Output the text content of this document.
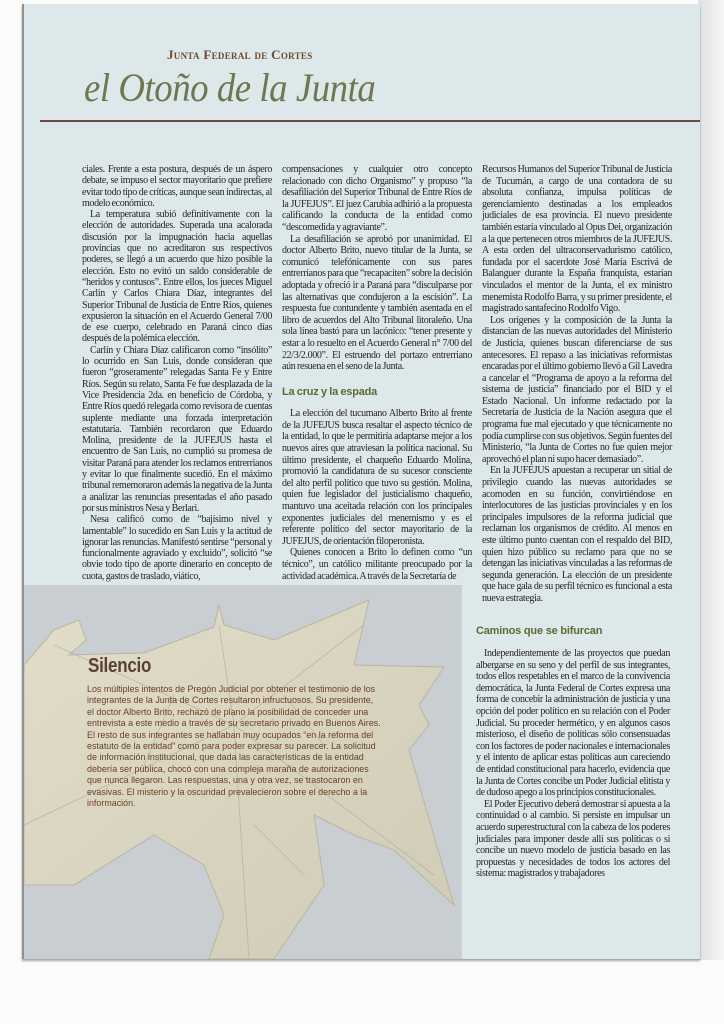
Junta Federal de Cortes
el Otoño de la Junta

ciales. Frente a esta postura, después de un áspero debate, se impuso el sector mayoritario que prefiere evitar todo tipo de críticas, aunque sean indirectas, al modelo económico.

La temperatura subió definitivamente con la elección de autoridades. Superada una acalorada discusión por la impugnación hacia aquellas provincias que no acreditaron sus respectivos poderes, se llegó a un acuerdo que hizo posible la elección. Esto no evitó un saldo considerable de “heridos y contusos”. Entre ellos, los jueces Miguel Carlín y Carlos Chiara Díaz, integrantes del Superior Tribunal de Justicia de Entre Ríos, quienes expusieron la situación en el Acuerdo General 7/00 de ese cuerpo, celebrado en Paraná cinco días después de la polémica elección.

Carlín y Chiara Díaz calificaron como “insólito” lo ocurrido en San Luis, donde consideran que fueron “groseramente” relegadas Santa Fe y Entre Ríos. Según su relato, Santa Fe fue desplazada de la Vice Presidencia 2da. en beneficio de Córdoba, y Entre Ríos quedó relegada como revisora de cuentas suplente mediante una forzada interpretación estatutaria. También recordaron que Eduardo Molina, presidente de la JUFEJUS hasta el encuentro de San Luis, no cumplió su promesa de visitar Paraná para atender los reclamos entrerrianos y evitar lo que finalmente sucedió. En el máximo tribunal rememoraron además la negativa de la Junta a analizar las renuncias presentadas el año pasado por sus ministros Nesa y Berlari.

Nesa calificó como de “bajísimo nivel y lamentable” lo sucedido en San Luis y la actitud de ignorar las renuncias. Manifestó sentirse “personal y funcionalmente agraviado y excluido”, solicitó “se obvie todo tipo de aporte dinerario en concepto de cuota, gastos de traslado, viático,

compensaciones y cualquier otro concepto relacionado con dicho Organismo” y propuso “la desafiliación del Superior Tribunal de Entre Ríos de la JUFEJUS”. El juez Carubia adhirió a la propuesta calificando la conducta de la entidad como “descomedida y agraviante”.

La desafiliación se aprobó por unanimidad. El doctor Alberto Brito, nuevo titular de la Junta, se comunicó telefónicamente con sus pares entrerrianos para que “recapaciten” sobre la decisión adoptada y ofreció ir a Paraná para “disculparse por las alternativas que condujeron a la escisión”. La respuesta fue contundente y también asentada en el libro de acuerdos del Alto Tribunal litoraleño. Una sola línea bastó para un lacónico: “tener presente y estar a lo resuelto en el Acuerdo General n° 7/00 del 22/3/2.000”. El estruendo del portazo entrerriano aún resuena en el seno de la Junta.

La cruz y la espada

La elección del tucumano Alberto Brito al frente de la JUFEJUS busca resaltar el aspecto técnico de la entidad, lo que le permitiría adaptarse mejor a los nuevos aires que atraviesan la política nacional. Su último presidente, el chaqueño Eduardo Molina, promovió la candidatura de su sucesor consciente del alto perfil político que tuvo su gestión. Molina, quien fue legislador del justicialismo chaqueño, mantuvo una aceitada relación con los principales exponentes judiciales del menemismo y es el referente político del sector mayoritario de la JUFEJUS, de orientación filoperonista.

Quienes conocen a Brito lo definen como “un técnico”, un católico militante preocupado por la actividad académica. A través de la Secretaría de

Recursos Humanos del Superior Tribunal de Justicia de Tucumán, a cargo de una contadora de su absoluta confianza, impulsa políticas de gerenciamiento destinadas a los empleados judiciales de esa provincia. El nuevo presidente también estaría vinculado al Opus Dei, organización a la que pertenecen otros miembros de la JUFEJUS. A esta orden del ultraconservadurismo católico, fundada por el sacerdote José María Escrivá de Balanguer durante la España franquista, estarían vinculados el mentor de la Junta, el ex ministro menemista Rodolfo Barra, y su primer presidente, el magistrado santafecino Rodolfo Vigo.

Los orígenes y la composición de la Junta la distancian de las nuevas autoridades del Ministerio de Justicia, quienes buscan diferenciarse de sus antecesores. El repaso a las iniciativas reformistas encaradas por el último gobierno llevó a Gil Lavedra a cancelar el “Programa de apoyo a la reforma del sistema de justicia” financiado por el BID y el Estado Nacional. Un informe redactado por la Secretaría de Justicia de la Nación asegura que el programa fue mal ejecutado y que técnicamente no podía cumplirse con sus objetivos. Según fuentes del Ministerio, “la Junta de Cortes no fue quien mejor aprovechó el plan ni supo hacer demasiado”.

En la JUFEJUS apuestan a recuperar un sitial de privilegio cuando las nuevas autoridades se acomoden en su función, convirtiéndose en interlocutores de las justicias provinciales y en los principales impulsores de la reforma judicial que reclaman los organismos de crédito. Al menos en este último punto cuentan con el respaldo del BID, quien hizo público su reclamo para que no se detengan las iniciativas vinculadas a las reformas de segunda generación. La elección de un presidente que hace gala de su perfil técnico es funcional a esta nueva estrategia.

Caminos que se bifurcan

Independientemente de las proyectos que puedan albergarse en su seno y del perfil de sus integrantes, todos ellos respetables en el marco de la convivencia democrática, la Junta Federal de Cortes expresa una forma de concebir la administración de justicia y una opción del poder político en su relación con el Poder Judicial. Su proceder hermético, y en algunos casos misterioso, el diseño de políticas sólo consensuadas con los factores de poder nacionales e internacionales y el intento de aplicar estas políticas aun careciendo de entidad constitucional para hacerlo, evidencia que la Junta de Cortes concibe un Poder Judicial elitista y de dudoso apego a los principios constitucionales.

El Poder Ejecutivo deberá demostrar si apuesta a la continuidad o al cambio. Si persiste en impulsar un acuerdo superestructural con la cabeza de los poderes judiciales para imponer desde allí sus políticas o si concibe un nuevo modelo de justicia basado en las propuestas y necesidades de todos los actores del sistema: magistrados y trabajadores

Silencio
Los múltiples intentos de Pregón Judicial por obtener el testimonio de los integrantes de la Junta de Cortes resultaron infructuosos. Su presidente, el doctor Alberto Brito, rechazó de plano la posibilidad de conceder una entrevista a este medio a través de su secretario privado en Buenos Aires. El resto de sus integrantes se hallaban muy ocupados “en la reforma del estatuto de la entidad” como para poder expresar su parecer. La solicitud de información institucional, que dada las características de la entidad debería ser pública, chocó con una compleja maraña de autorizaciones que nunca llegaron. Las respuestas, una y otra vez, se trastocaron en evasivas. El misterio y la oscuridad prevalecieron sobre el derecho a la información.
